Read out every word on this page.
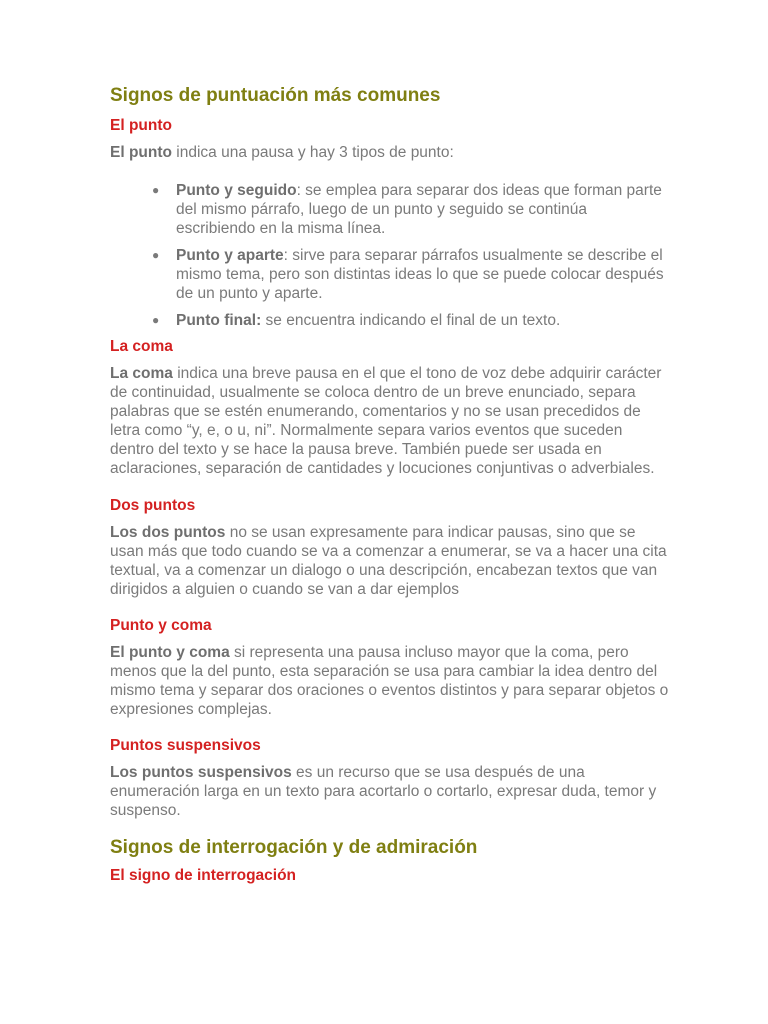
Signos de puntuación más comunes
El punto

El punto indica una pausa y hay 3 tipos de punto:

● Punto y seguido: se emplea para separar dos ideas que forman parte del mismo párrafo, luego de un punto y seguido se continúa escribiendo en la misma línea.
● Punto y aparte: sirve para separar párrafos usualmente se describe el mismo tema, pero son distintas ideas lo que se puede colocar después de un punto y aparte.
● Punto final: se encuentra indicando el final de un texto.
La coma

La coma indica una breve pausa en el que el tono de voz debe adquirir carácter de continuidad, usualmente se coloca dentro de un breve enunciado, separa palabras que se estén enumerando, comentarios y no se usan precedidos de letra como “y, e, o u, ni”. Normalmente separa varios eventos que suceden dentro del texto y se hace la pausa breve. También puede ser usada en aclaraciones, separación de cantidades y locuciones conjuntivas o adverbiales.

Dos puntos

Los dos puntos no se usan expresamente para indicar pausas, sino que se usan más que todo cuando se va a comenzar a enumerar, se va a hacer una cita textual, va a comenzar un dialogo o una descripción, encabezan textos que van dirigidos a alguien o cuando se van a dar ejemplos

Punto y coma

El punto y coma si representa una pausa incluso mayor que la coma, pero menos que la del punto, esta separación se usa para cambiar la idea dentro del mismo tema y separar dos oraciones o eventos distintos y para separar objetos o expresiones complejas.

Puntos suspensivos

Los puntos suspensivos es un recurso que se usa después de una enumeración larga en un texto para acortarlo o cortarlo, expresar duda, temor y suspenso.

Signos de interrogación y de admiración
El signo de interrogación
